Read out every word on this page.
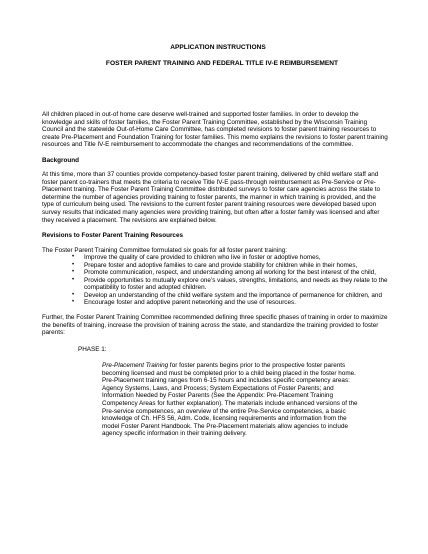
APPLICATION INSTRUCTIONS

FOSTER PARENT TRAINING AND FEDERAL TITLE IV-E REIMBURSEMENT

All children placed in out-of home care deserve well-trained and supported foster families. In order to develop the knowledge and skills of foster families, the Foster Parent Training Committee, established by the Wisconsin Training Council and the statewide Out-of-Home Care Committee, has completed revisions to foster parent training resources to create Pre-Placement and Foundation Training for foster families. This memo explains the revisions to foster parent training resources and Title IV-E reimbursement to accommodate the changes and recommendations of the committee.

Background

At this time, more than 37 counties provide competency-based foster parent training, delivered by child welfare staff and foster parent co-trainers that meets the criteria to receive Title IV-E pass-through reimbursement as Pre-Service or Pre-Placement training. The Foster Parent Training Committee distributed surveys to foster care agencies across the state to determine the number of agencies providing training to foster parents, the manner in which training is provided, and the type of curriculum being used. The revisions to the current foster parent training resources were developed based upon survey results that indicated many agencies were providing training, but often after a foster family was licensed and after they received a placement. The revisions are explained below.

Revisions to Foster Parent Training Resources

The Foster Parent Training Committee formulated six goals for all foster parent training:

• Improve the quality of care provided to children who live in foster or adoptive homes,
• Prepare foster and adoptive families to care and provide stability for children while in their homes,
• Promote communication, respect, and understanding among all working for the best interest of the child,
• Provide opportunities to mutually explore one’s values, strengths, limitations, and needs as they relate to the compatibility to foster and adopted children.
• Develop an understanding of the child welfare system and the importance of permanence for children, and
• Encourage foster and adoptive parent networking and the use of resources.

Further, the Foster Parent Training Committee recommended defining three specific phases of training in order to maximize the benefits of training, increase the provision of training across the state, and standardize the training provided to foster parents:

PHASE 1:

Pre-Placement Training for foster parents begins prior to the prospective foster parents becoming licensed and must be completed prior to a child being placed in the foster home. Pre-Placement training ranges from 6-15 hours and includes specific competency areas: Agency Systems, Laws, and Process; System Expectations of Foster Parents; and Information Needed by Foster Parents (See the Appendix: Pre-Placement Training Competency Areas for further explanation). The materials include enhanced versions of the Pre-service competences, an overview of the entire Pre-Service competencies, a basic knowledge of Ch. HFS 56, Adm. Code, licensing requirements and information from the model Foster Parent Handbook. The Pre-Placement materials allow agencies to include agency specific information in their training delivery.
